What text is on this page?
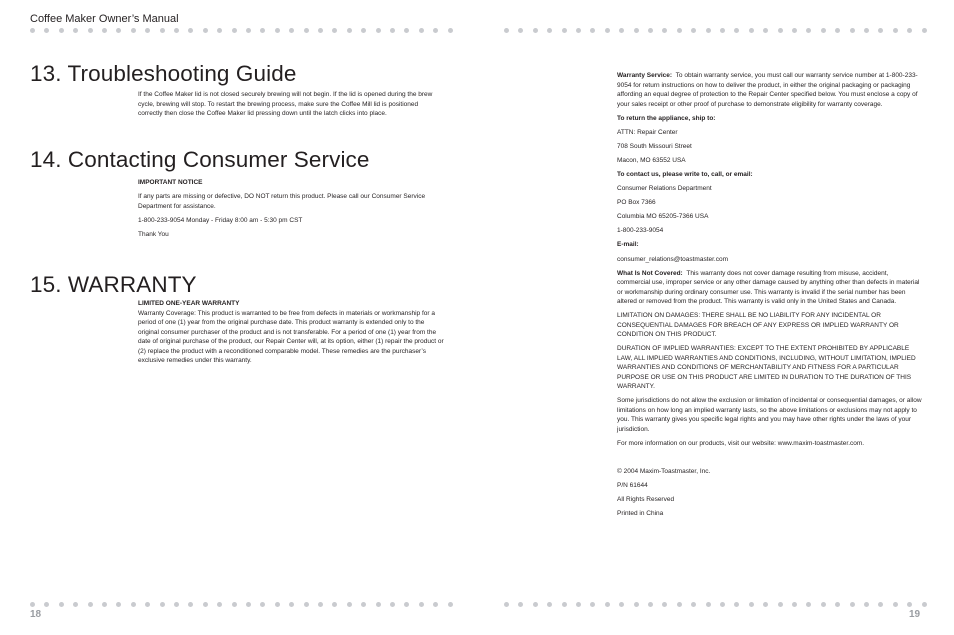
Coffee Maker Owner’s Manual
13. Troubleshooting Guide

If the Coffee Maker lid is not closed securely brewing will not begin. If the lid is opened during the brew cycle, brewing will stop. To restart the brewing process, make sure the Coffee Mill lid is positioned correctly then close the Coffee Maker lid pressing down until the latch clicks into place.

14. Contacting Consumer Service

IMPORTANT NOTICE

If any parts are missing or defective, DO NOT return this product. Please call our Consumer Service Department for assistance.

1-800-233-9054 Monday - Friday 8:00 am - 5:30 pm CST

Thank You

15. WARRANTY

LIMITED ONE-YEAR WARRANTY

Warranty Coverage: This product is warranted to be free from defects in materials or workmanship for a period of one (1) year from the original purchase date. This product warranty is extended only to the original consumer purchaser of the product and is not transferable. For a period of one (1) year from the date of original purchase of the product, our Repair Center will, at its option, either (1) repair the product or (2) replace the product with a reconditioned comparable model. These remedies are the purchaser’s exclusive remedies under this warranty.

Warranty Service: To obtain warranty service, you must call our warranty service number at 1-800-233-9054 for return instructions on how to deliver the product, in either the original packaging or packaging affording an equal degree of protection to the Repair Center specified below. You must enclose a copy of your sales receipt or other proof of purchase to demonstrate eligibility for warranty coverage.

To return the appliance, ship to:

ATTN: Repair Center

708 South Missouri Street

Macon, MO 63552 USA

To contact us, please write to, call, or email:

Consumer Relations Department

PO Box 7366

Columbia MO 65205-7366 USA

1-800-233-9054

E-mail:

consumer_relations@toastmaster.com

What Is Not Covered: This warranty does not cover damage resulting from misuse, accident, commercial use, improper service or any other damage caused by anything other than defects in material or workmanship during ordinary consumer use. This warranty is invalid if the serial number has been altered or removed from the product. This warranty is valid only in the United States and Canada.

LIMITATION ON DAMAGES: THERE SHALL BE NO LIABILITY FOR ANY INCIDENTAL OR CONSEQUENTIAL DAMAGES FOR BREACH OF ANY EXPRESS OR IMPLIED WARRANTY OR CONDITION ON THIS PRODUCT.

DURATION OF IMPLIED WARRANTIES: EXCEPT TO THE EXTENT PROHIBITED BY APPLICABLE LAW, ALL IMPLIED WARRANTIES AND CONDITIONS, INCLUDING, WITHOUT LIMITATION, IMPLIED WARRANTIES AND CONDITIONS OF MERCHANTABILITY AND FITNESS FOR A PARTICULAR PURPOSE OR USE ON THIS PRODUCT ARE LIMITED IN DURATION TO THE DURATION OF THIS WARRANTY.

Some jurisdictions do not allow the exclusion or limitation of incidental or consequential damages, or allow limitations on how long an implied warranty lasts, so the above limitations or exclusions may not apply to you. This warranty gives you specific legal rights and you may have other rights under the laws of your jurisdiction.

For more information on our products, visit our website: www.maxim-toastmaster.com.

© 2004 Maxim-Toastmaster, Inc.

P/N 61644

All Rights Reserved

Printed in China

18	19
